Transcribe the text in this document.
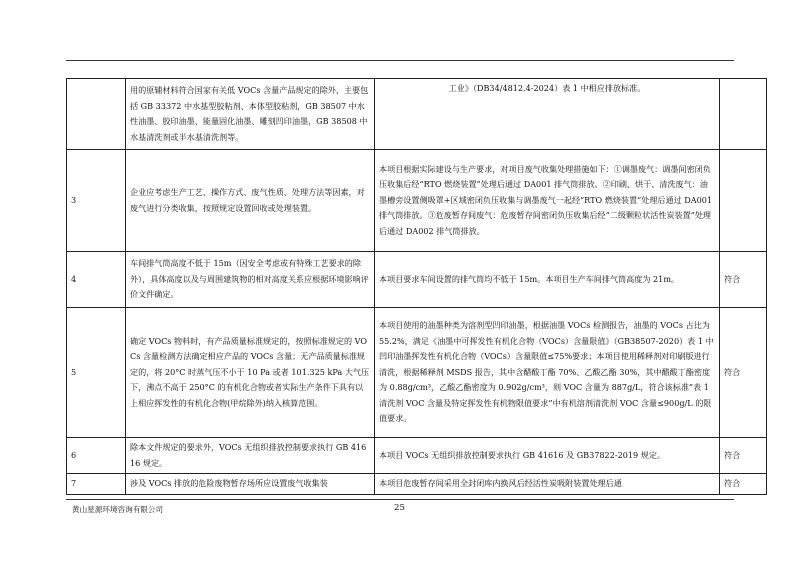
	用的原辅材料符合国家有关低 VOCs 含量产品规定的除外，主要包括 GB 33372 中水基型胶粘剂、本体型胶粘剂，GB 38507 中水性油墨、胶印油墨、能量固化油墨、雕刻凹印油墨，GB 38508 中水基清洗剂或半水基清洗剂等。	工业》（DB34/4812.4-2024）表 1 中相应排放标准。	
3	企业应考虑生产工艺、操作方式、废气性质、处理方法等因素，对废气进行分类收集，按照规定设置回收或处理装置。	本项目根据实际建设与生产要求，对项目废气收集处理措施如下：①调墨废气：调墨间密闭负压收集后经“RTO 燃烧装置”处理后通过 DA001 排气筒排放。②印刷、烘干、清洗废气：油墨槽旁设置侧吸罩+区域密闭负压收集与调墨废气一起经“RTO 燃烧装置”处理后通过 DA001 排气筒排放。③危废暂存间废气：危废暂存间密闭负压收集后经“二级颗粒状活性炭装置”处理后通过 DA002 排气筒排放。	
4	车间排气筒高度不低于 15m（因安全考虑或有特殊工艺要求的除外），具体高度以及与周围建筑物的相对高度关系应根据环境影响评价文件确定。	本项目要求车间设置的排气筒均不低于 15m。本项目生产车间排气筒高度为 21m。	符合
5	确定 VOCs 物料时，有产品质量标准规定的，按照标准规定的 VOCs 含量检测方法确定相应产品的 VOCs 含量；无产品质量标准规定的，将 20°C 时蒸气压不小于 10 Pa 或者 101.325 kPa 大气压下，沸点不高于 250°C 的有机化合物或者实际生产条件下具有以上相应挥发性的有机化合物(甲烷除外)纳入核算范围。	本项目使用的油墨种类为溶剂型凹印油墨，根据油墨 VOCs 检测报告，油墨的 VOCs 占比为 55.2%，满足《油墨中可挥发性有机化合物（VOCs）含量限值》（GB38507-2020）表 1 中凹印油墨挥发性有机化合物（VOCs）含量限值≤75%要求；本项目使用稀释剂对印刷版进行清洗，根据稀释剂 MSDS 报告，其中含醋酸丁酯 70%、乙酸乙酯 30%，其中醋酸丁酯密度为 0.88g/cm³，乙酸乙酯密度为 0.902g/cm³，则 VOC 含量为 887g/L，符合该标准“表 1 清洗剂 VOC 含量及特定挥发性有机物限值要求”中有机溶剂清洗剂 VOC 含量≤900g/L 的限值要求。	符合
6	除本文件规定的要求外，VOCs 无组织排放控制要求执行 GB 41616 规定。	本项目 VOCs 无组织排放控制要求执行 GB 41616 及 GB37822-2019 规定。	符合
7	涉及 VOCs 排放的危险废物暂存场所应设置废气收集装	本项目危废暂存间采用全封闭库内换风后经活性炭吸附装置处理后通	符合
黄山星源环境咨询有限公司	25
